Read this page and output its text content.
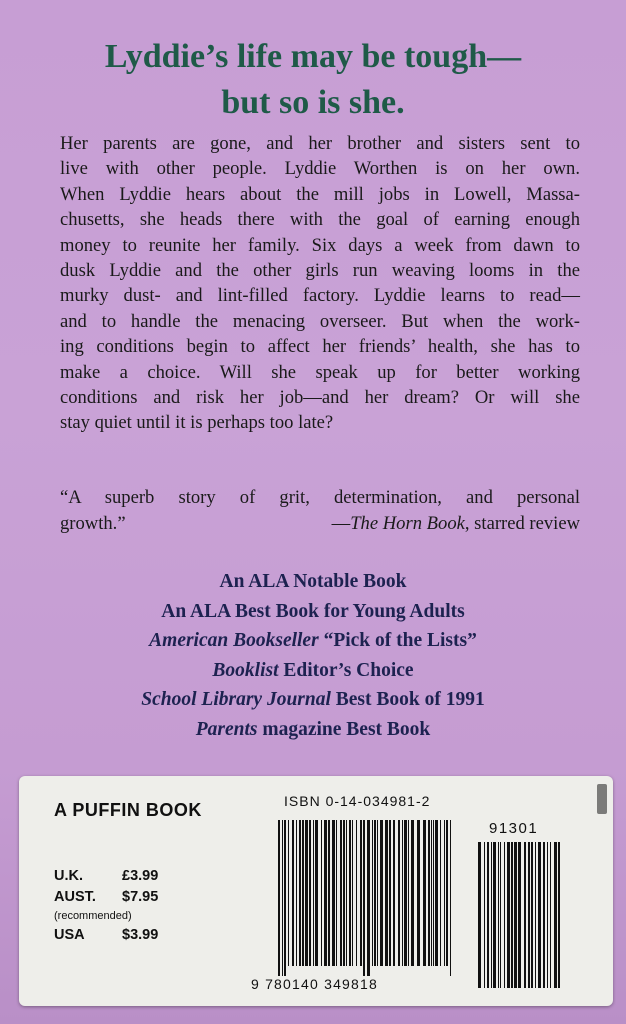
Lyddie’s life may be tough—
but so is she.
Her parents are gone, and her brother and sisters sent to
live with other people. Lyddie Worthen is on her own.
When Lyddie hears about the mill jobs in Lowell, Massa-
chusetts, she heads there with the goal of earning enough
money to reunite her family. Six days a week from dawn to
dusk Lyddie and the other girls run weaving looms in the
murky dust- and lint-filled factory. Lyddie learns to read—
and to handle the menacing overseer. But when the work-
ing conditions begin to affect her friends’ health, she has to
make a choice. Will she speak up for better working
conditions and risk her job—and her dream? Or will she
stay quiet until it is perhaps too late?
“A superb story of grit, determination, and personal
growth.”	—The Horn Book, starred review
An ALA Notable Book
An ALA Best Book for Young Adults
American Bookseller “Pick of the Lists”
Booklist Editor’s Choice
School Library Journal Best Book of 1991
Parents magazine Best Book
A PUFFIN BOOK	ISBN 0-14-034981-2
U.K.	£3.99
AUST.	$7.95
(recommended)
USA	$3.99
9 780140 349818
91301
